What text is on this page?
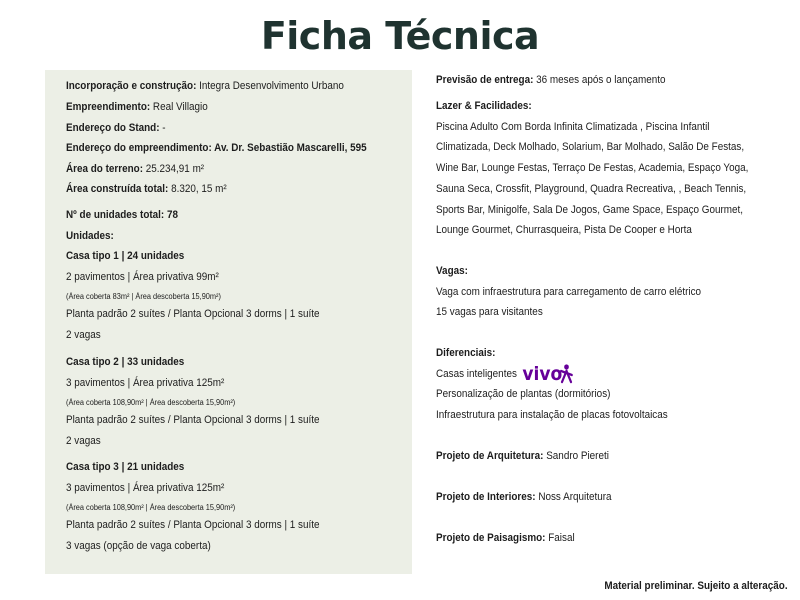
Ficha Técnica
Incorporação e construção: Integra Desenvolvimento Urbano
Empreendimento: Real Villagio
Endereço do Stand: -
Endereço do empreendimento: Av. Dr. Sebastião Mascarelli, 595
Área do terreno: 25.234,91 m²
Área construída total: 8.320, 15 m²
Nº de unidades total: 78
Unidades:
Casa tipo 1 | 24 unidades
2 pavimentos | Área privativa 99m²
(Área coberta 83m² | Área descoberta 15,90m²)
Planta padrão 2 suítes / Planta Opcional 3 dorms | 1 suíte
2 vagas
Casa tipo 2 | 33 unidades
3 pavimentos | Área privativa 125m²
(Área coberta 108,90m² | Área descoberta 15,90m²)
Planta padrão 2 suítes / Planta Opcional 3 dorms | 1 suíte
2 vagas
Casa tipo 3 | 21 unidades
3 pavimentos | Área privativa 125m²
(Área coberta 108,90m² | Área descoberta 15,90m²)
Planta padrão 2 suítes / Planta Opcional 3 dorms | 1 suíte
3 vagas (opção de vaga coberta)
Previsão de entrega: 36 meses após o lançamento
Lazer & Facilidades:
Piscina Adulto Com Borda Infinita Climatizada , Piscina Infantil
Climatizada, Deck Molhado, Solarium, Bar Molhado, Salão De Festas,
Wine Bar, Lounge Festas, Terraço De Festas, Academia, Espaço Yoga,
Sauna Seca, Crossfit, Playground, Quadra Recreativa, , Beach Tennis,
Sports Bar, Minigolfe, Sala De Jogos, Game Space, Espaço Gourmet,
Lounge Gourmet, Churrasqueira, Pista De Cooper e Horta
Vagas:
Vaga com infraestrutura para carregamento de carro elétrico
15 vagas para visitantes
Diferenciais:
Casas inteligentes vivo
Personalização de plantas (dormitórios)
Infraestrutura para instalação de placas fotovoltaicas
Projeto de Arquitetura: Sandro Piereti
Projeto de Interiores: Noss Arquitetura
Projeto de Paisagismo: Faisal
Material preliminar. Sujeito a alteração.
